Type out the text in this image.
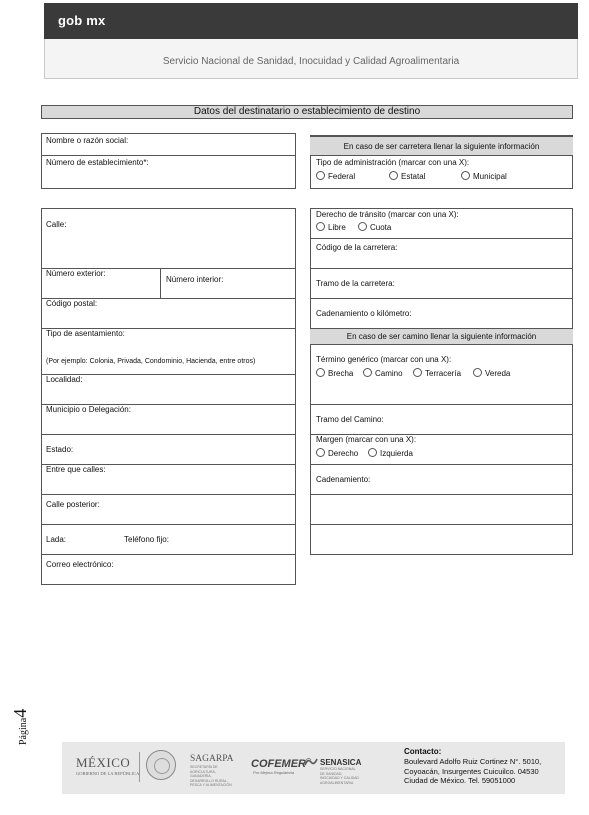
gob mx
Servicio Nacional de Sanidad, Inocuidad y Calidad Agroalimentaria
Datos del destinatario o establecimiento de destino
Nombre o razón social:
Número de establecimiento*:
En caso de ser carretera llenar la siguiente información
Tipo de administración (marcar con una X):
Federal	Estatal	Municipal
Calle:
Número exterior:
Número interior:
Código postal:
Tipo de asentamiento:
(Por ejemplo: Colonia, Privada, Condominio, Hacienda, entre otros)
Localidad:
Municipio o Delegación:
Estado:
Entre que calles:
Calle posterior:
Lada:	Teléfono fijo:
Correo electrónico:
En caso de ser camino llenar la siguiente información
Derecho de tránsito (marcar con una X):
Libre	Cuota
Código de la carretera:
Tramo de la carretera:
Cadenamiento o kilómetro:
Término genérico (marcar con una X):
Brecha	Camino	Terracería	Vereda
Tramo del Camino:
Margen (marcar con una X):
Derecho	Izquierda
Cadenamiento:
Página4
MÉXICO
GOBIERNO DE LA REPÚBLICA
SAGARPA
SECRETARÍA DE AGRICULTURA, GANADERÍA, DESARROLLO RURAL, PESCA Y ALIMENTACIÓN
COFEMER
Por Mejora Regulatoria
SENASICA
SERVICIO NACIONAL DE SANIDAD, INOCUIDAD Y CALIDAD AGROALIMENTARIA
Contacto:
Boulevard Adolfo Ruiz Cortinez N°. 5010,
Coyoacán, Insurgentes Cuicuilco. 04530
Ciudad de México. Tel. 59051000
